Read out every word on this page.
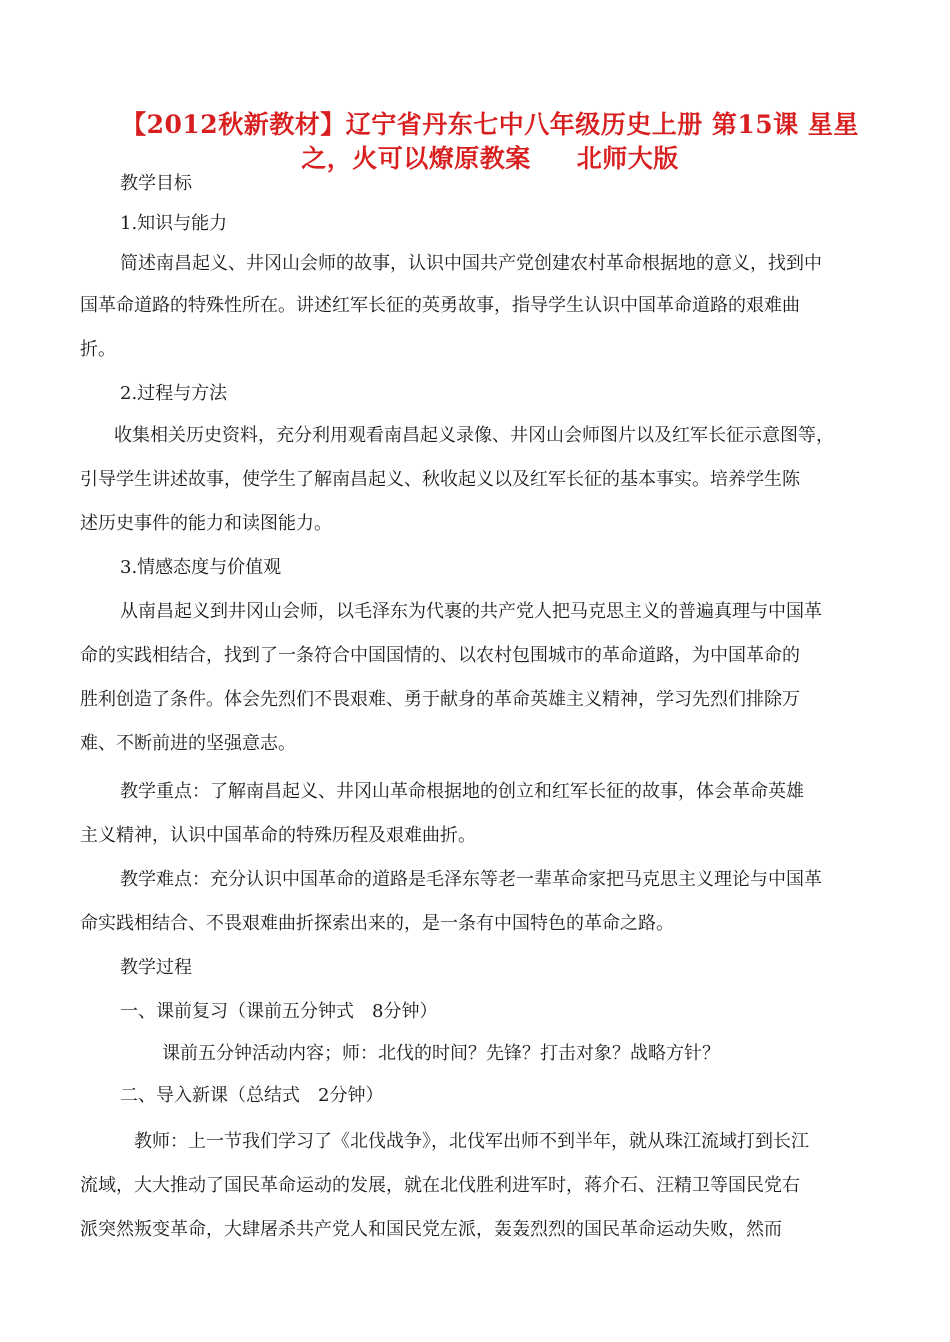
【2012秋新教材】辽宁省丹东七中八年级历史上册 第15课 星星
之，火可以燎原教案 北师大版
教学目标
1.知识与能力
简述南昌起义、井冈山会师的故事，认识中国共产党创建农村革命根据地的意义，找到中
国革命道路的特殊性所在。讲述红军长征的英勇故事，指导学生认识中国革命道路的艰难曲
折。
2.过程与方法
收集相关历史资料，充分利用观看南昌起义录像、井冈山会师图片以及红军长征示意图等，
引导学生讲述故事，使学生了解南昌起义、秋收起义以及红军长征的基本事实。培养学生陈
述历史事件的能力和读图能力。
3.情感态度与价值观
从南昌起义到井冈山会师，以毛泽东为代裹的共产党人把马克思主义的普遍真理与中国革
命的实践相结合，找到了一条符合中国国情的、以农村包围城市的革命道路，为中国革命的
胜利创造了条件。体会先烈们不畏艰难、勇于献身的革命英雄主义精神，学习先烈们排除万
难、不断前进的坚强意志。
教学重点：了解南昌起义、井冈山革命根据地的创立和红军长征的故事，体会革命英雄
主义精神，认识中国革命的特殊历程及艰难曲折。
教学难点：充分认识中国革命的道路是毛泽东等老一辈革命家把马克思主义理论与中国革
命实践相结合、不畏艰难曲折探索出来的，是一条有中国特色的革命之路。
教学过程
一、课前复习（课前五分钟式　8分钟）
课前五分钟活动内容；师：北伐的时间？先锋？打击对象？战略方针？
二、导入新课（总结式　2分钟）
教师：上一节我们学习了《北伐战争》，北伐军出师不到半年，就从珠江流域打到长江
流域，大大推动了国民革命运动的发展，就在北伐胜利进军时，蒋介石、汪精卫等国民党右
派突然叛变革命，大肆屠杀共产党人和国民党左派，轰轰烈烈的国民革命运动失败，然而
